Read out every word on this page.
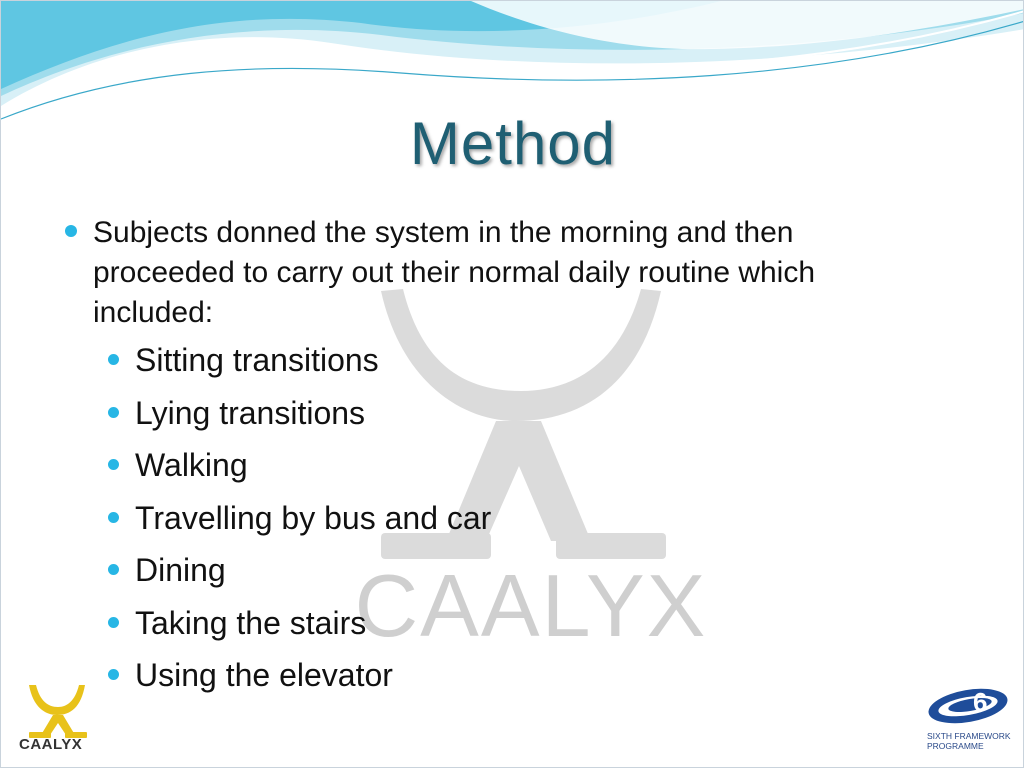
CAALYX
Method
Subjects donned the system in the morning and then proceeded to carry out their normal daily routine which included:
Sitting transitions
Lying transitions
Walking
Travelling by bus and car
Dining
Taking the stairs
Using the elevator
CAALYX
6
SIXTH FRAMEWORK
PROGRAMME
